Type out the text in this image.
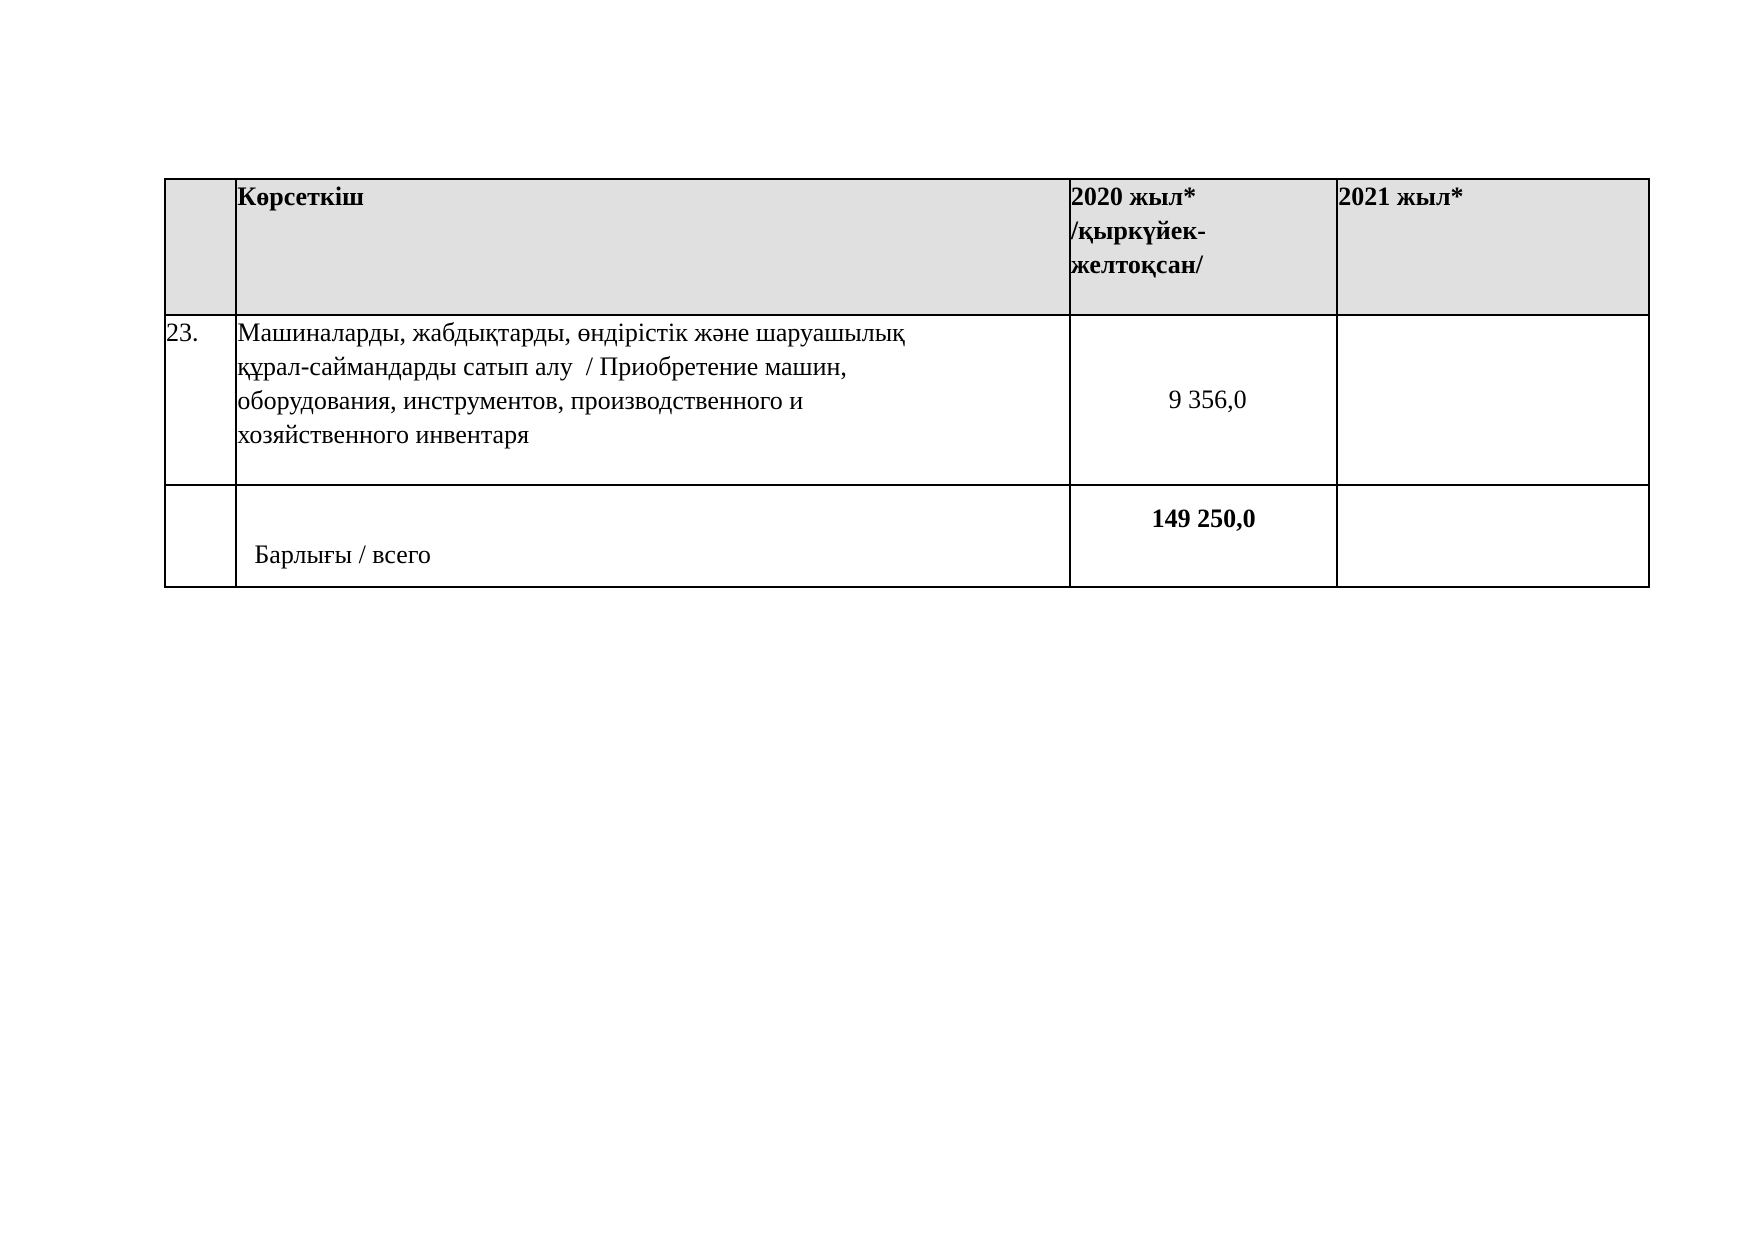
	Көрсеткіш	2020 жыл*
/қыркүйек-
желтоқсан/	2021 жыл*
23.	Машиналарды, жабдықтарды, өндірістік және шаруашылық
құрал-саймандарды сатып алу  / Приобретение машин,
оборудования, инструментов, производственного и
хозяйственного инвентаря	9 356,0	
	Барлығы / всего	149 250,0	
